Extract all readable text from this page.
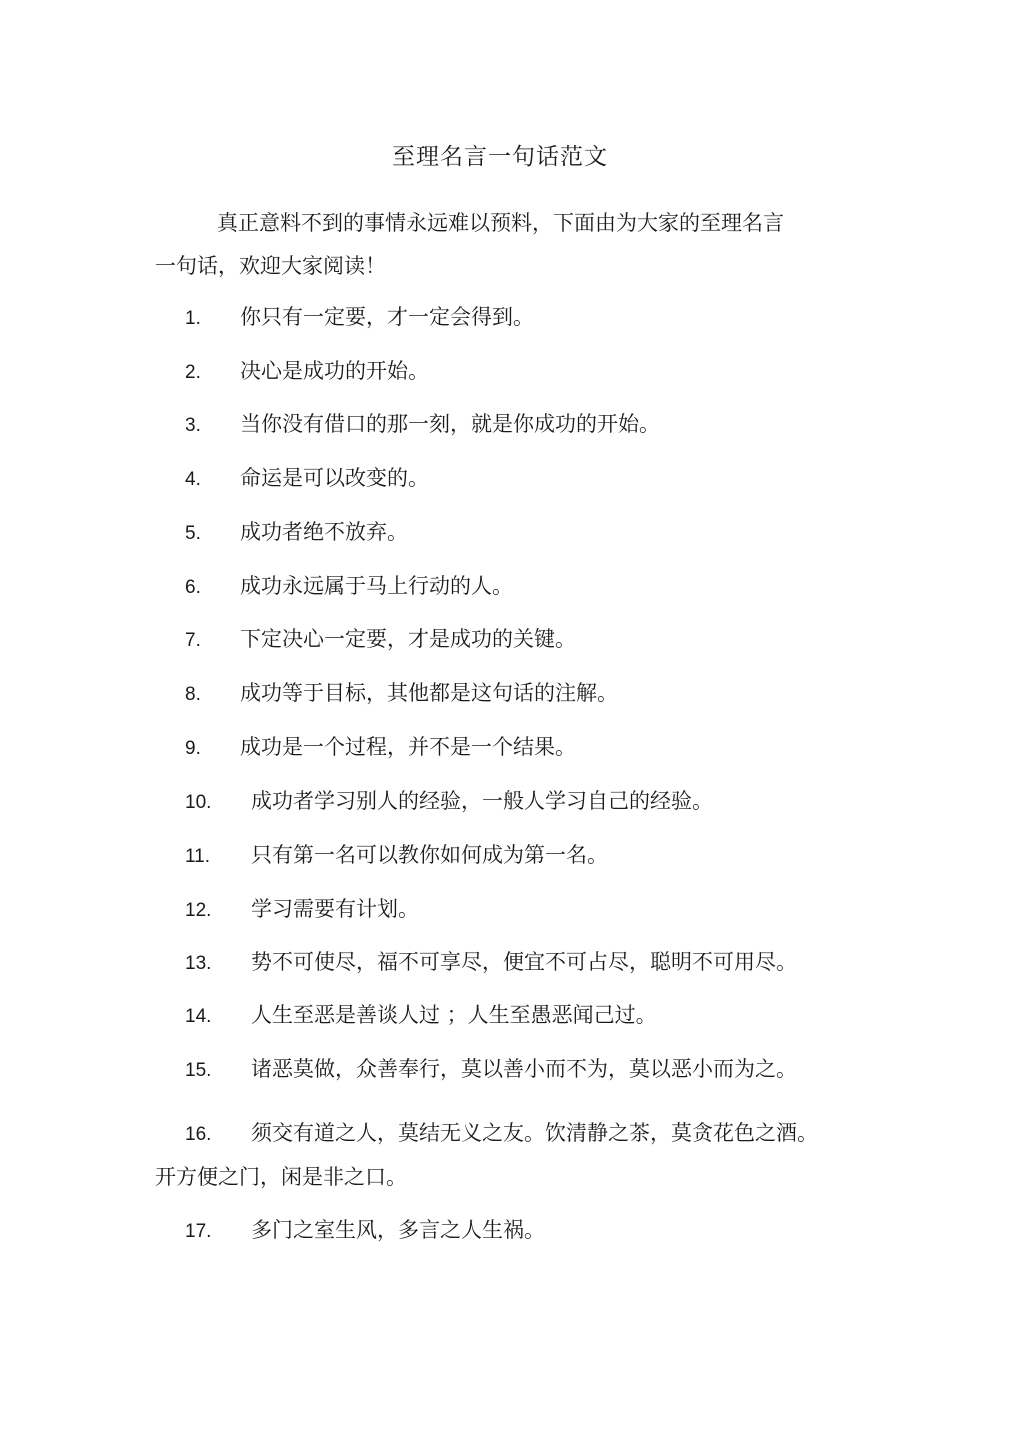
至理名言一句话范文
真正意料不到的事情永远难以预料，下面由为大家的至理名言
一句话，欢迎大家阅读！
1. 你只有一定要，才一定会得到。
2. 决心是成功的开始。
3. 当你没有借口的那一刻，就是你成功的开始。
4. 命运是可以改变的。
5. 成功者绝不放弃。
6. 成功永远属于马上行动的人。
7. 下定决心一定要，才是成功的关键。
8. 成功等于目标，其他都是这句话的注解。
9. 成功是一个过程，并不是一个结果。
10. 成功者学习别人的经验，一般人学习自己的经验。
11. 只有第一名可以教你如何成为第一名。
12. 学习需要有计划。
13. 势不可使尽，福不可享尽，便宜不可占尽，聪明不可用尽。
14. 人生至恶是善谈人过 ；人生至愚恶闻己过。
15. 诸恶莫做，众善奉行，莫以善小而不为，莫以恶小而为之。
16. 须交有道之人，莫结无义之友。饮清静之茶，莫贪花色之酒。
开方便之门，闲是非之口。
17. 多门之室生风，多言之人生祸。
